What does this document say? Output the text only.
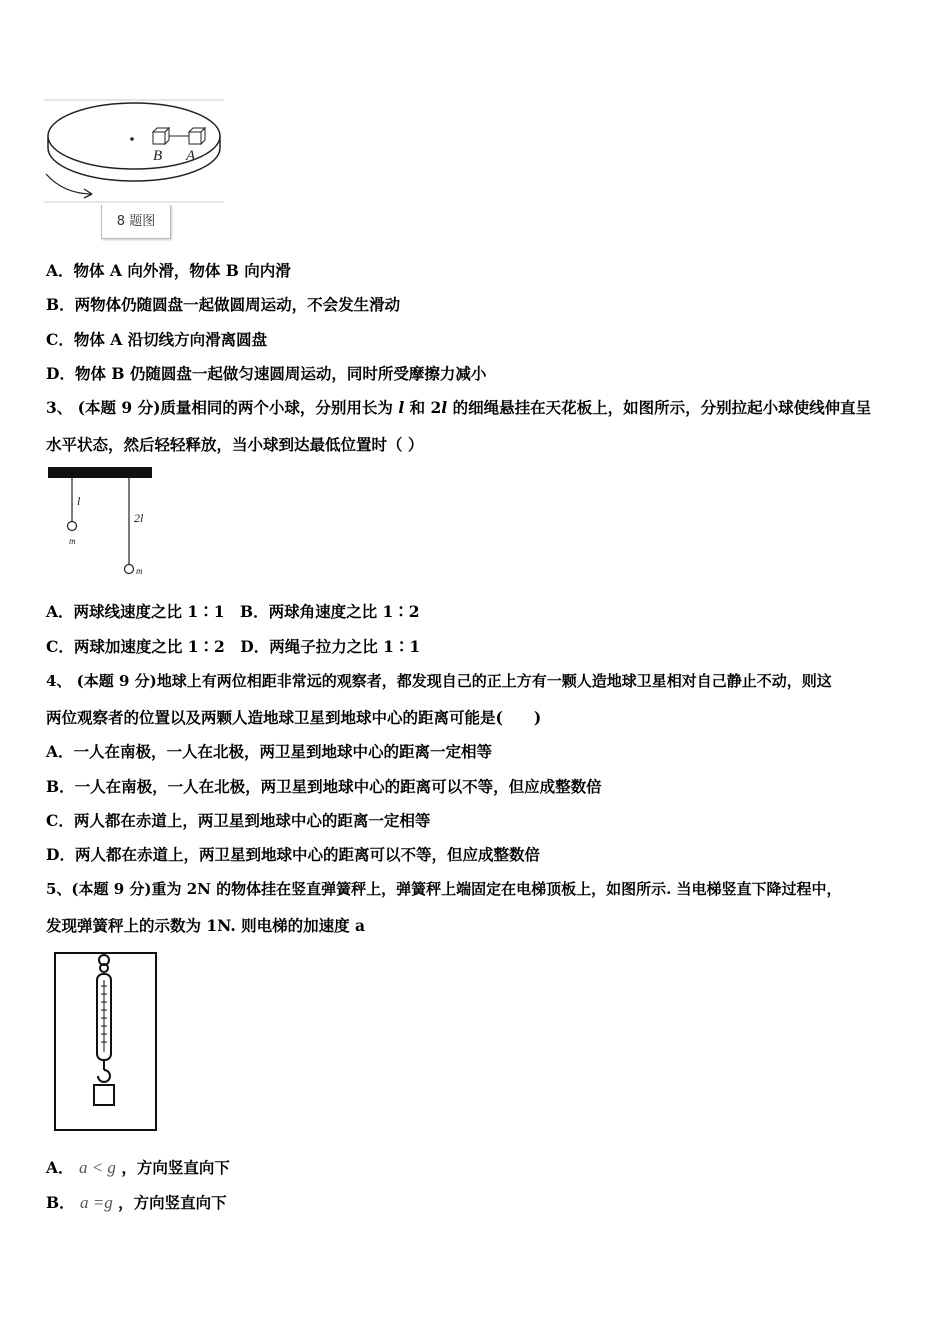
B A
8 题图
A．物体 A 向外滑，物体 B 向内滑
B．两物体仍随圆盘一起做圆周运动，不会发生滑动
C．物体 A 沿切线方向滑离圆盘
D．物体 B 仍随圆盘一起做匀速圆周运动，同时所受摩擦力减小
3、 (本题 9 分)质量相同的两个小球，分别用长为 l 和 2l 的细绳悬挂在天花板上，如图所示，分别拉起小球使线伸直呈
水平状态，然后轻轻释放，当小球到达最低位置时（ ）
l
2l
m
m
A．两球线速度之比 1∶1　B．两球角速度之比 1∶2
C．两球加速度之比 1∶2　D．两绳子拉力之比 1∶1
4、 (本题 9 分)地球上有两位相距非常远的观察者，都发现自己的正上方有一颗人造地球卫星相对自己静止不动，则这
两位观察者的位置以及两颗人造地球卫星到地球中心的距离可能是(　　)
A．一人在南极，一人在北极，两卫星到地球中心的距离一定相等
B．一人在南极，一人在北极，两卫星到地球中心的距离可以不等，但应成整数倍
C．两人都在赤道上，两卫星到地球中心的距离一定相等
D．两人都在赤道上，两卫星到地球中心的距离可以不等，但应成整数倍
5、(本题 9 分)重为 2N 的物体挂在竖直弹簧秤上，弹簧秤上端固定在电梯顶板上，如图所示. 当电梯竖直下降过程中，
发现弹簧秤上的示数为 1N. 则电梯的加速度 a
A． a < g ，方向竖直向下
B． a =g ，方向竖直向下
